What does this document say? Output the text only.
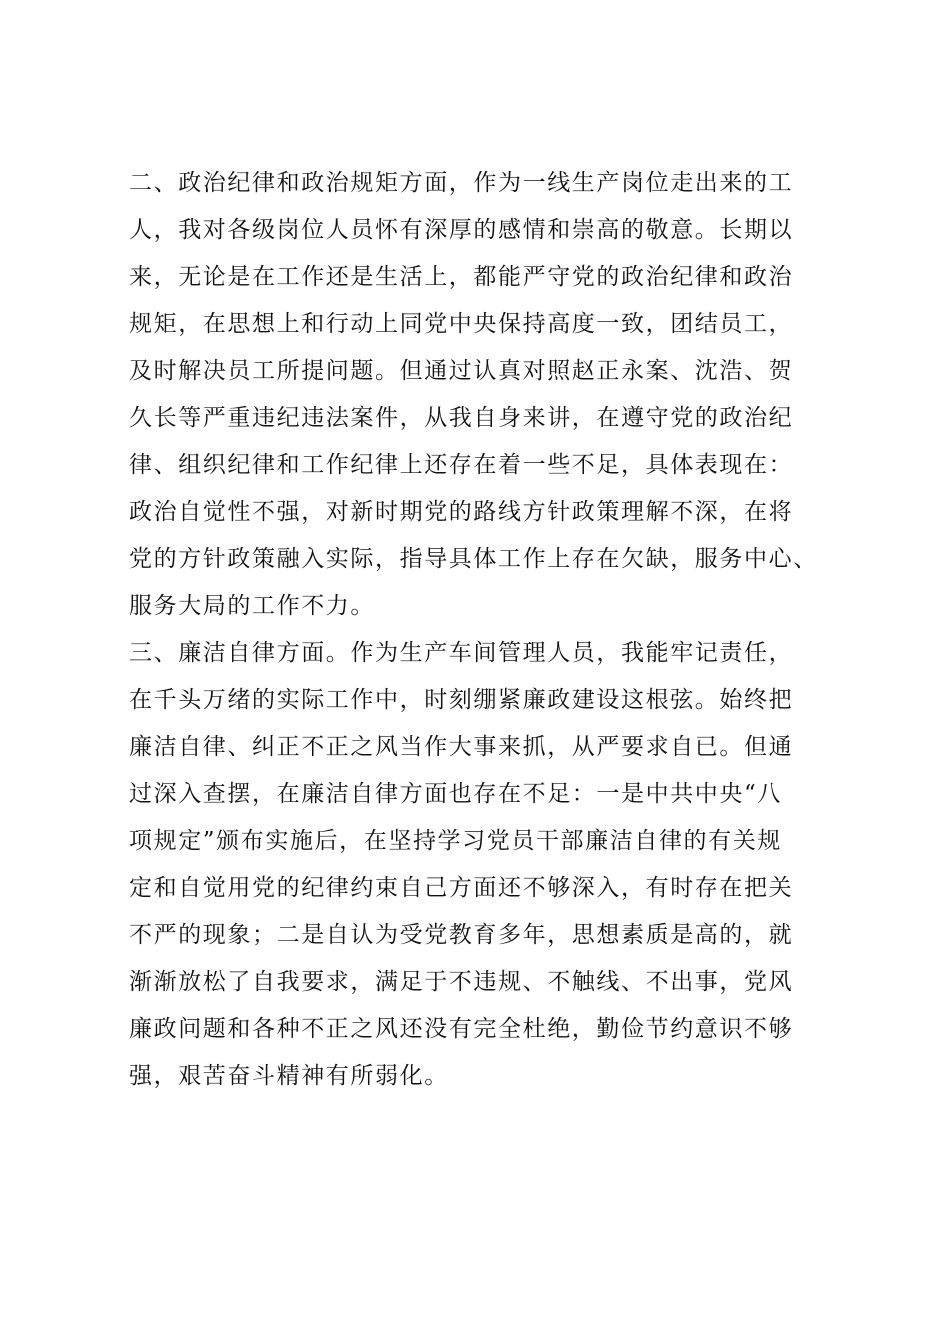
二、政治纪律和政治规矩方面，作为一线生产岗位走出来的工
人，我对各级岗位人员怀有深厚的感情和崇高的敬意。长期以
来，无论是在工作还是生活上，都能严守党的政治纪律和政治
规矩，在思想上和行动上同党中央保持高度一致，团结员工，
及时解决员工所提问题。但通过认真对照赵正永案、沈浩、贺
久长等严重违纪违法案件，从我自身来讲，在遵守党的政治纪
律、组织纪律和工作纪律上还存在着一些不足，具体表现在：
政治自觉性不强，对新时期党的路线方针政策理解不深，在将
党的方针政策融入实际，指导具体工作上存在欠缺，服务中心、
服务大局的工作不力。
三、廉洁自律方面。作为生产车间管理人员，我能牢记责任，
在千头万绪的实际工作中，时刻绷紧廉政建设这根弦。始终把
廉洁自律、纠正不正之风当作大事来抓，从严要求自已。但通
过深入查摆，在廉洁自律方面也存在不足：一是中共中央“八
项规定”颁布实施后，在坚持学习党员干部廉洁自律的有关规
定和自觉用党的纪律约束自己方面还不够深入，有时存在把关
不严的现象；二是自认为受党教育多年，思想素质是高的，就
渐渐放松了自我要求，满足于不违规、不触线、不出事，党风
廉政问题和各种不正之风还没有完全杜绝，勤俭节约意识不够
强，艰苦奋斗精神有所弱化。
